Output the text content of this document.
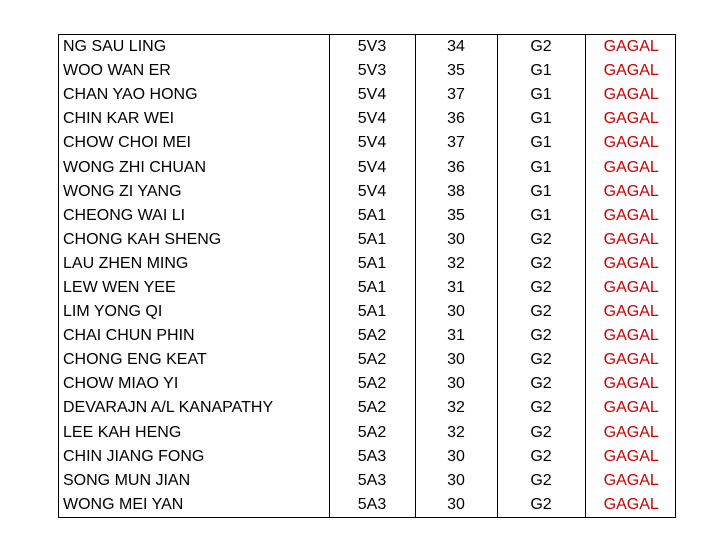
NG SAU LING	5V3	34	G2	GAGAL
WOO WAN ER	5V3	35	G1	GAGAL
CHAN YAO HONG	5V4	37	G1	GAGAL
CHIN KAR WEI	5V4	36	G1	GAGAL
CHOW CHOI MEI	5V4	37	G1	GAGAL
WONG ZHI CHUAN	5V4	36	G1	GAGAL
WONG ZI YANG	5V4	38	G1	GAGAL
CHEONG WAI LI	5A1	35	G1	GAGAL
CHONG KAH SHENG	5A1	30	G2	GAGAL
LAU ZHEN MING	5A1	32	G2	GAGAL
LEW WEN YEE	5A1	31	G2	GAGAL
LIM YONG QI	5A1	30	G2	GAGAL
CHAI CHUN PHIN	5A2	31	G2	GAGAL
CHONG ENG KEAT	5A2	30	G2	GAGAL
CHOW MIAO YI	5A2	30	G2	GAGAL
DEVARAJN A/L KANAPATHY	5A2	32	G2	GAGAL
LEE KAH HENG	5A2	32	G2	GAGAL
CHIN JIANG FONG	5A3	30	G2	GAGAL
SONG MUN JIAN	5A3	30	G2	GAGAL
WONG MEI YAN	5A3	30	G2	GAGAL
